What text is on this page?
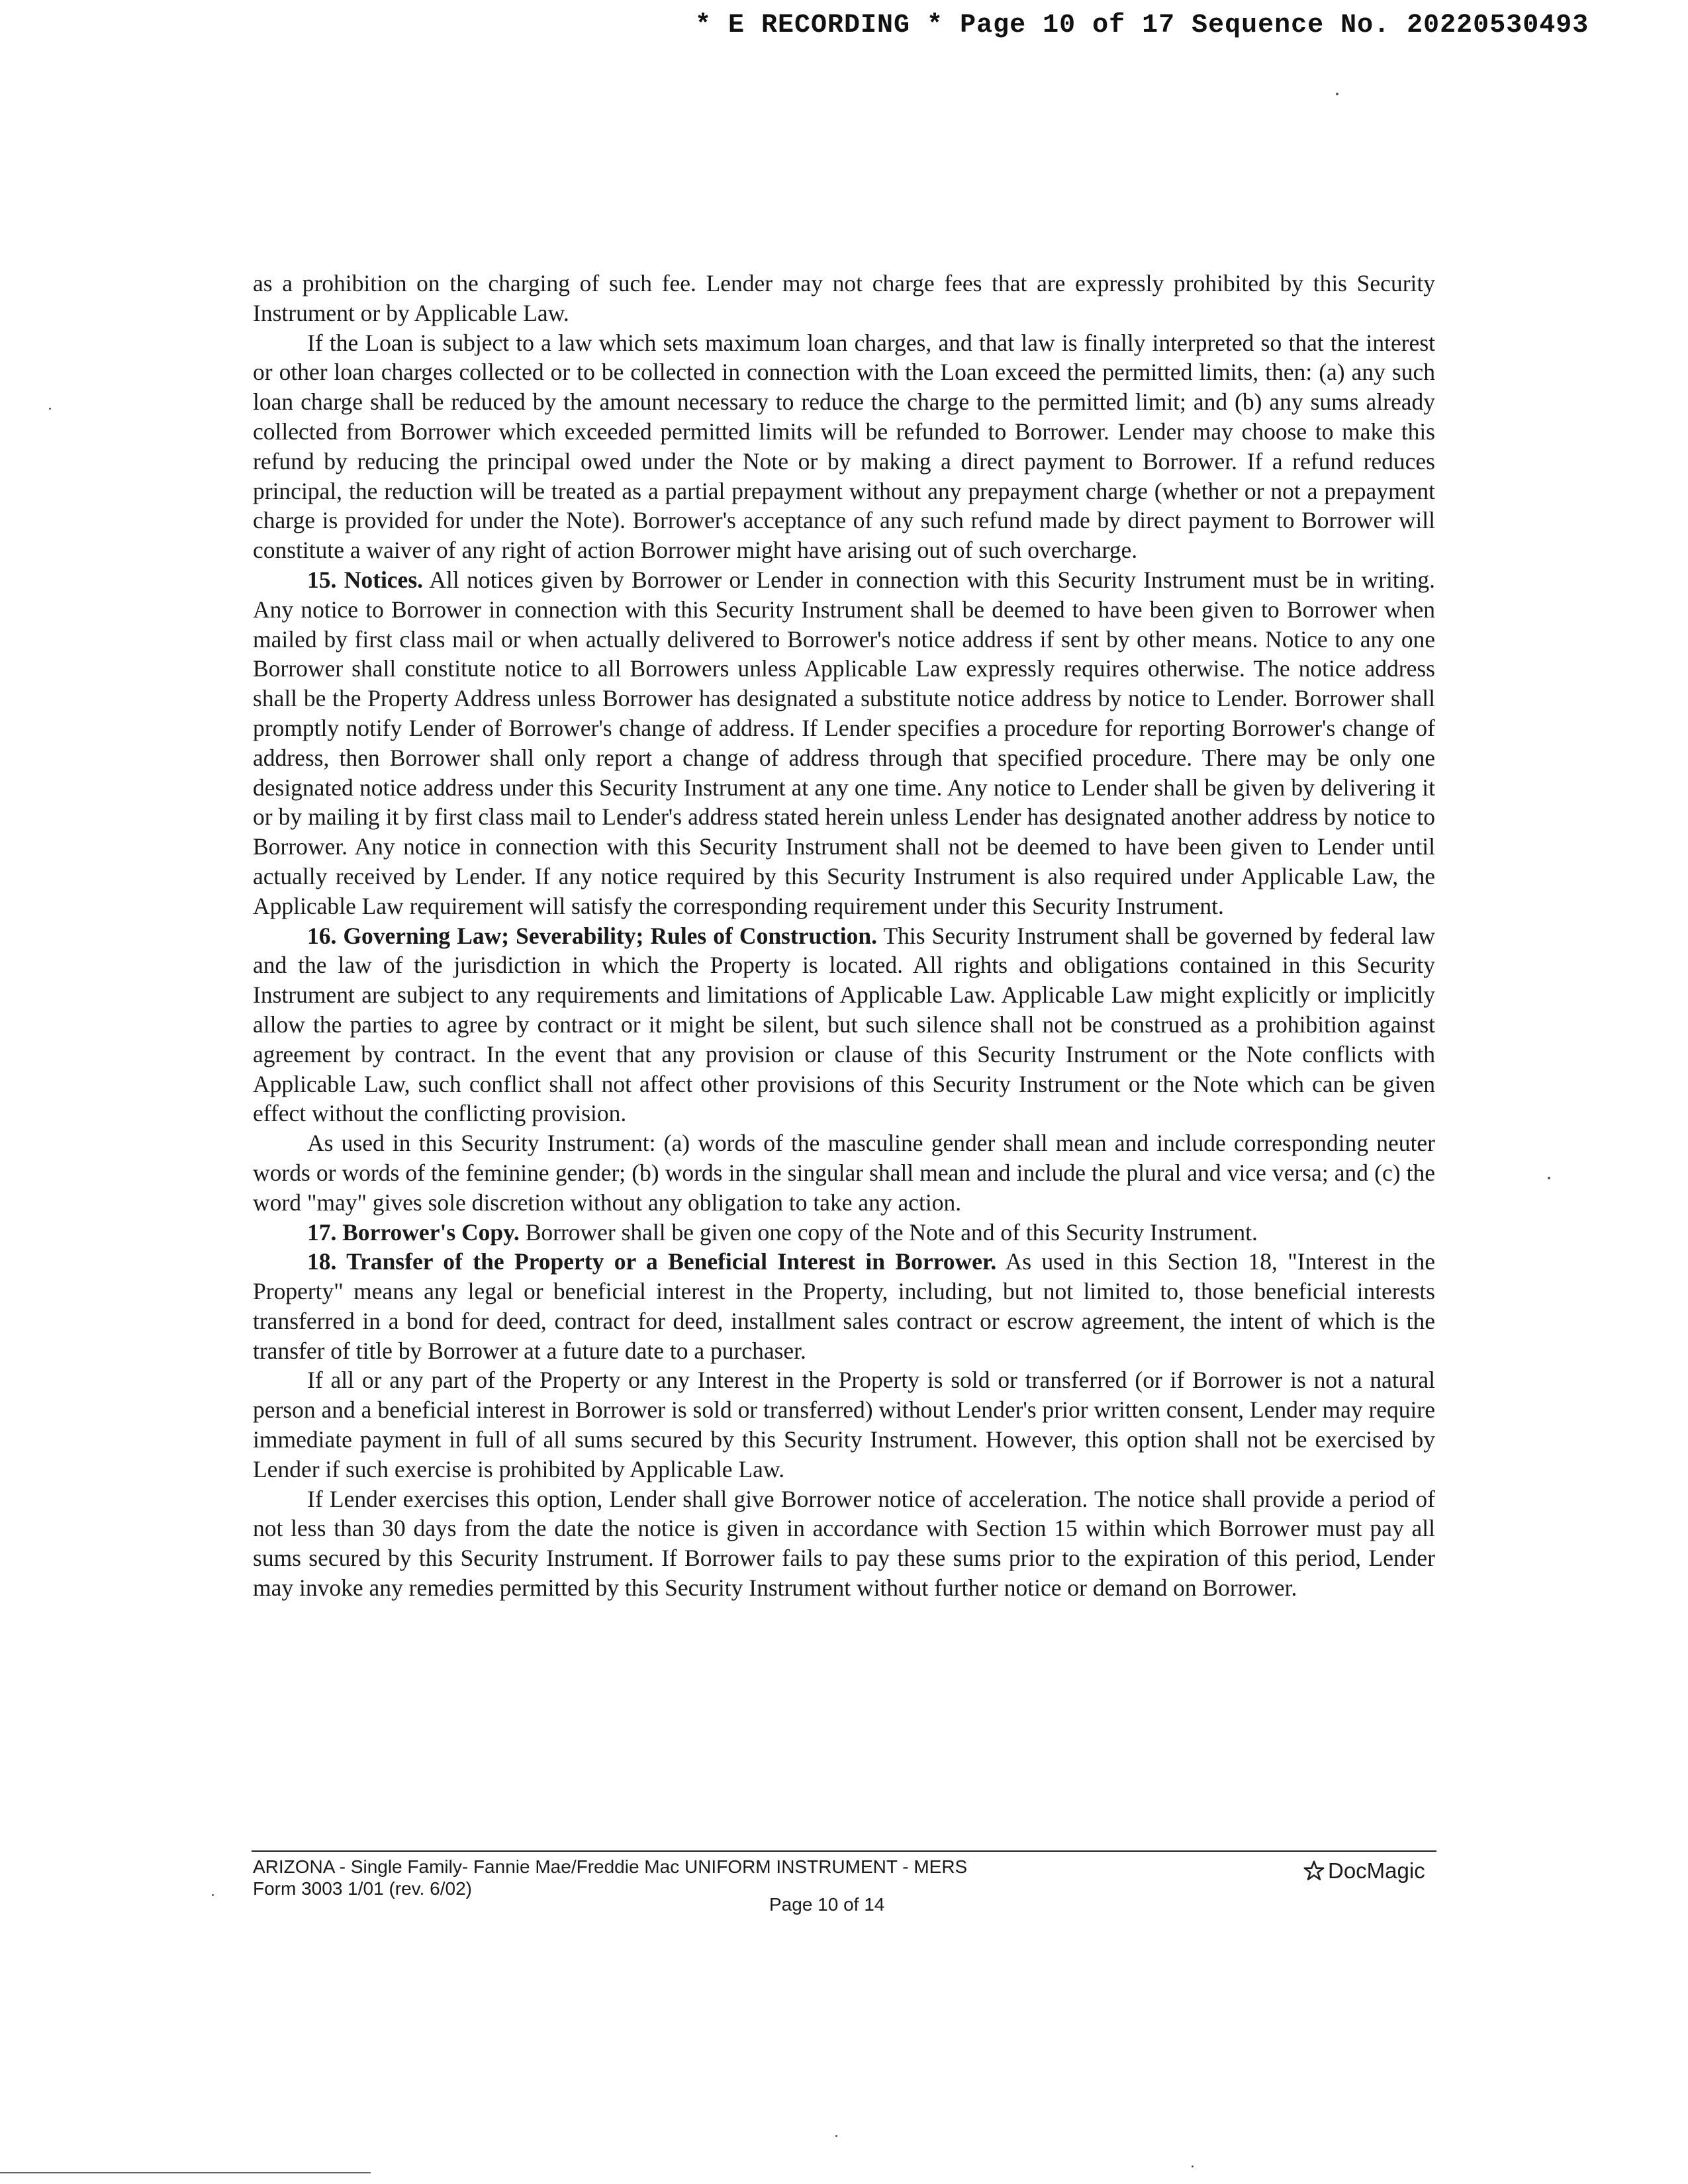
* E RECORDING * Page 10 of 17 Sequence No. 20220530493

as a prohibition on the charging of such fee. Lender may not charge fees that are expressly prohibited by this Security Instrument or by Applicable Law.

If the Loan is subject to a law which sets maximum loan charges, and that law is finally interpreted so that the interest or other loan charges collected or to be collected in connection with the Loan exceed the permitted limits, then: (a) any such loan charge shall be reduced by the amount necessary to reduce the charge to the permitted limit; and (b) any sums already collected from Borrower which exceeded permitted limits will be refunded to Borrower. Lender may choose to make this refund by reducing the principal owed under the Note or by making a direct payment to Borrower. If a refund reduces principal, the reduction will be treated as a partial prepayment without any prepayment charge (whether or not a prepayment charge is provided for under the Note). Borrower's acceptance of any such refund made by direct payment to Borrower will constitute a waiver of any right of action Borrower might have arising out of such overcharge.

15. Notices. All notices given by Borrower or Lender in connection with this Security Instrument must be in writing. Any notice to Borrower in connection with this Security Instrument shall be deemed to have been given to Borrower when mailed by first class mail or when actually delivered to Borrower's notice address if sent by other means. Notice to any one Borrower shall constitute notice to all Borrowers unless Applicable Law expressly requires otherwise. The notice address shall be the Property Address unless Borrower has designated a substitute notice address by notice to Lender. Borrower shall promptly notify Lender of Borrower's change of address. If Lender specifies a procedure for reporting Borrower's change of address, then Borrower shall only report a change of address through that specified procedure. There may be only one designated notice address under this Security Instrument at any one time. Any notice to Lender shall be given by delivering it or by mailing it by first class mail to Lender's address stated herein unless Lender has designated another address by notice to Borrower. Any notice in connection with this Security Instrument shall not be deemed to have been given to Lender until actually received by Lender. If any notice required by this Security Instrument is also required under Applicable Law, the Applicable Law requirement will satisfy the corresponding requirement under this Security Instrument.

16. Governing Law; Severability; Rules of Construction. This Security Instrument shall be governed by federal law and the law of the jurisdiction in which the Property is located. All rights and obligations contained in this Security Instrument are subject to any requirements and limitations of Applicable Law. Applicable Law might explicitly or implicitly allow the parties to agree by contract or it might be silent, but such silence shall not be construed as a prohibition against agreement by contract. In the event that any provision or clause of this Security Instrument or the Note conflicts with Applicable Law, such conflict shall not affect other provisions of this Security Instrument or the Note which can be given effect without the conflicting provision.

As used in this Security Instrument: (a) words of the masculine gender shall mean and include corresponding neuter words or words of the feminine gender; (b) words in the singular shall mean and include the plural and vice versa; and (c) the word "may" gives sole discretion without any obligation to take any action.

17. Borrower's Copy. Borrower shall be given one copy of the Note and of this Security Instrument.

18. Transfer of the Property or a Beneficial Interest in Borrower. As used in this Section 18, "Interest in the Property" means any legal or beneficial interest in the Property, including, but not limited to, those beneficial interests transferred in a bond for deed, contract for deed, installment sales contract or escrow agreement, the intent of which is the transfer of title by Borrower at a future date to a purchaser.

If all or any part of the Property or any Interest in the Property is sold or transferred (or if Borrower is not a natural person and a beneficial interest in Borrower is sold or transferred) without Lender's prior written consent, Lender may require immediate payment in full of all sums secured by this Security Instrument. However, this option shall not be exercised by Lender if such exercise is prohibited by Applicable Law.

If Lender exercises this option, Lender shall give Borrower notice of acceleration. The notice shall provide a period of not less than 30 days from the date the notice is given in accordance with Section 15 within which Borrower must pay all sums secured by this Security Instrument. If Borrower fails to pay these sums prior to the expiration of this period, Lender may invoke any remedies permitted by this Security Instrument without further notice or demand on Borrower.

ARIZONA - Single Family- Fannie Mae/Freddie Mac UNIFORM INSTRUMENT - MERS
Form 3003 1/01 (rev. 6/02)
DocMagic
Page 10 of 14
